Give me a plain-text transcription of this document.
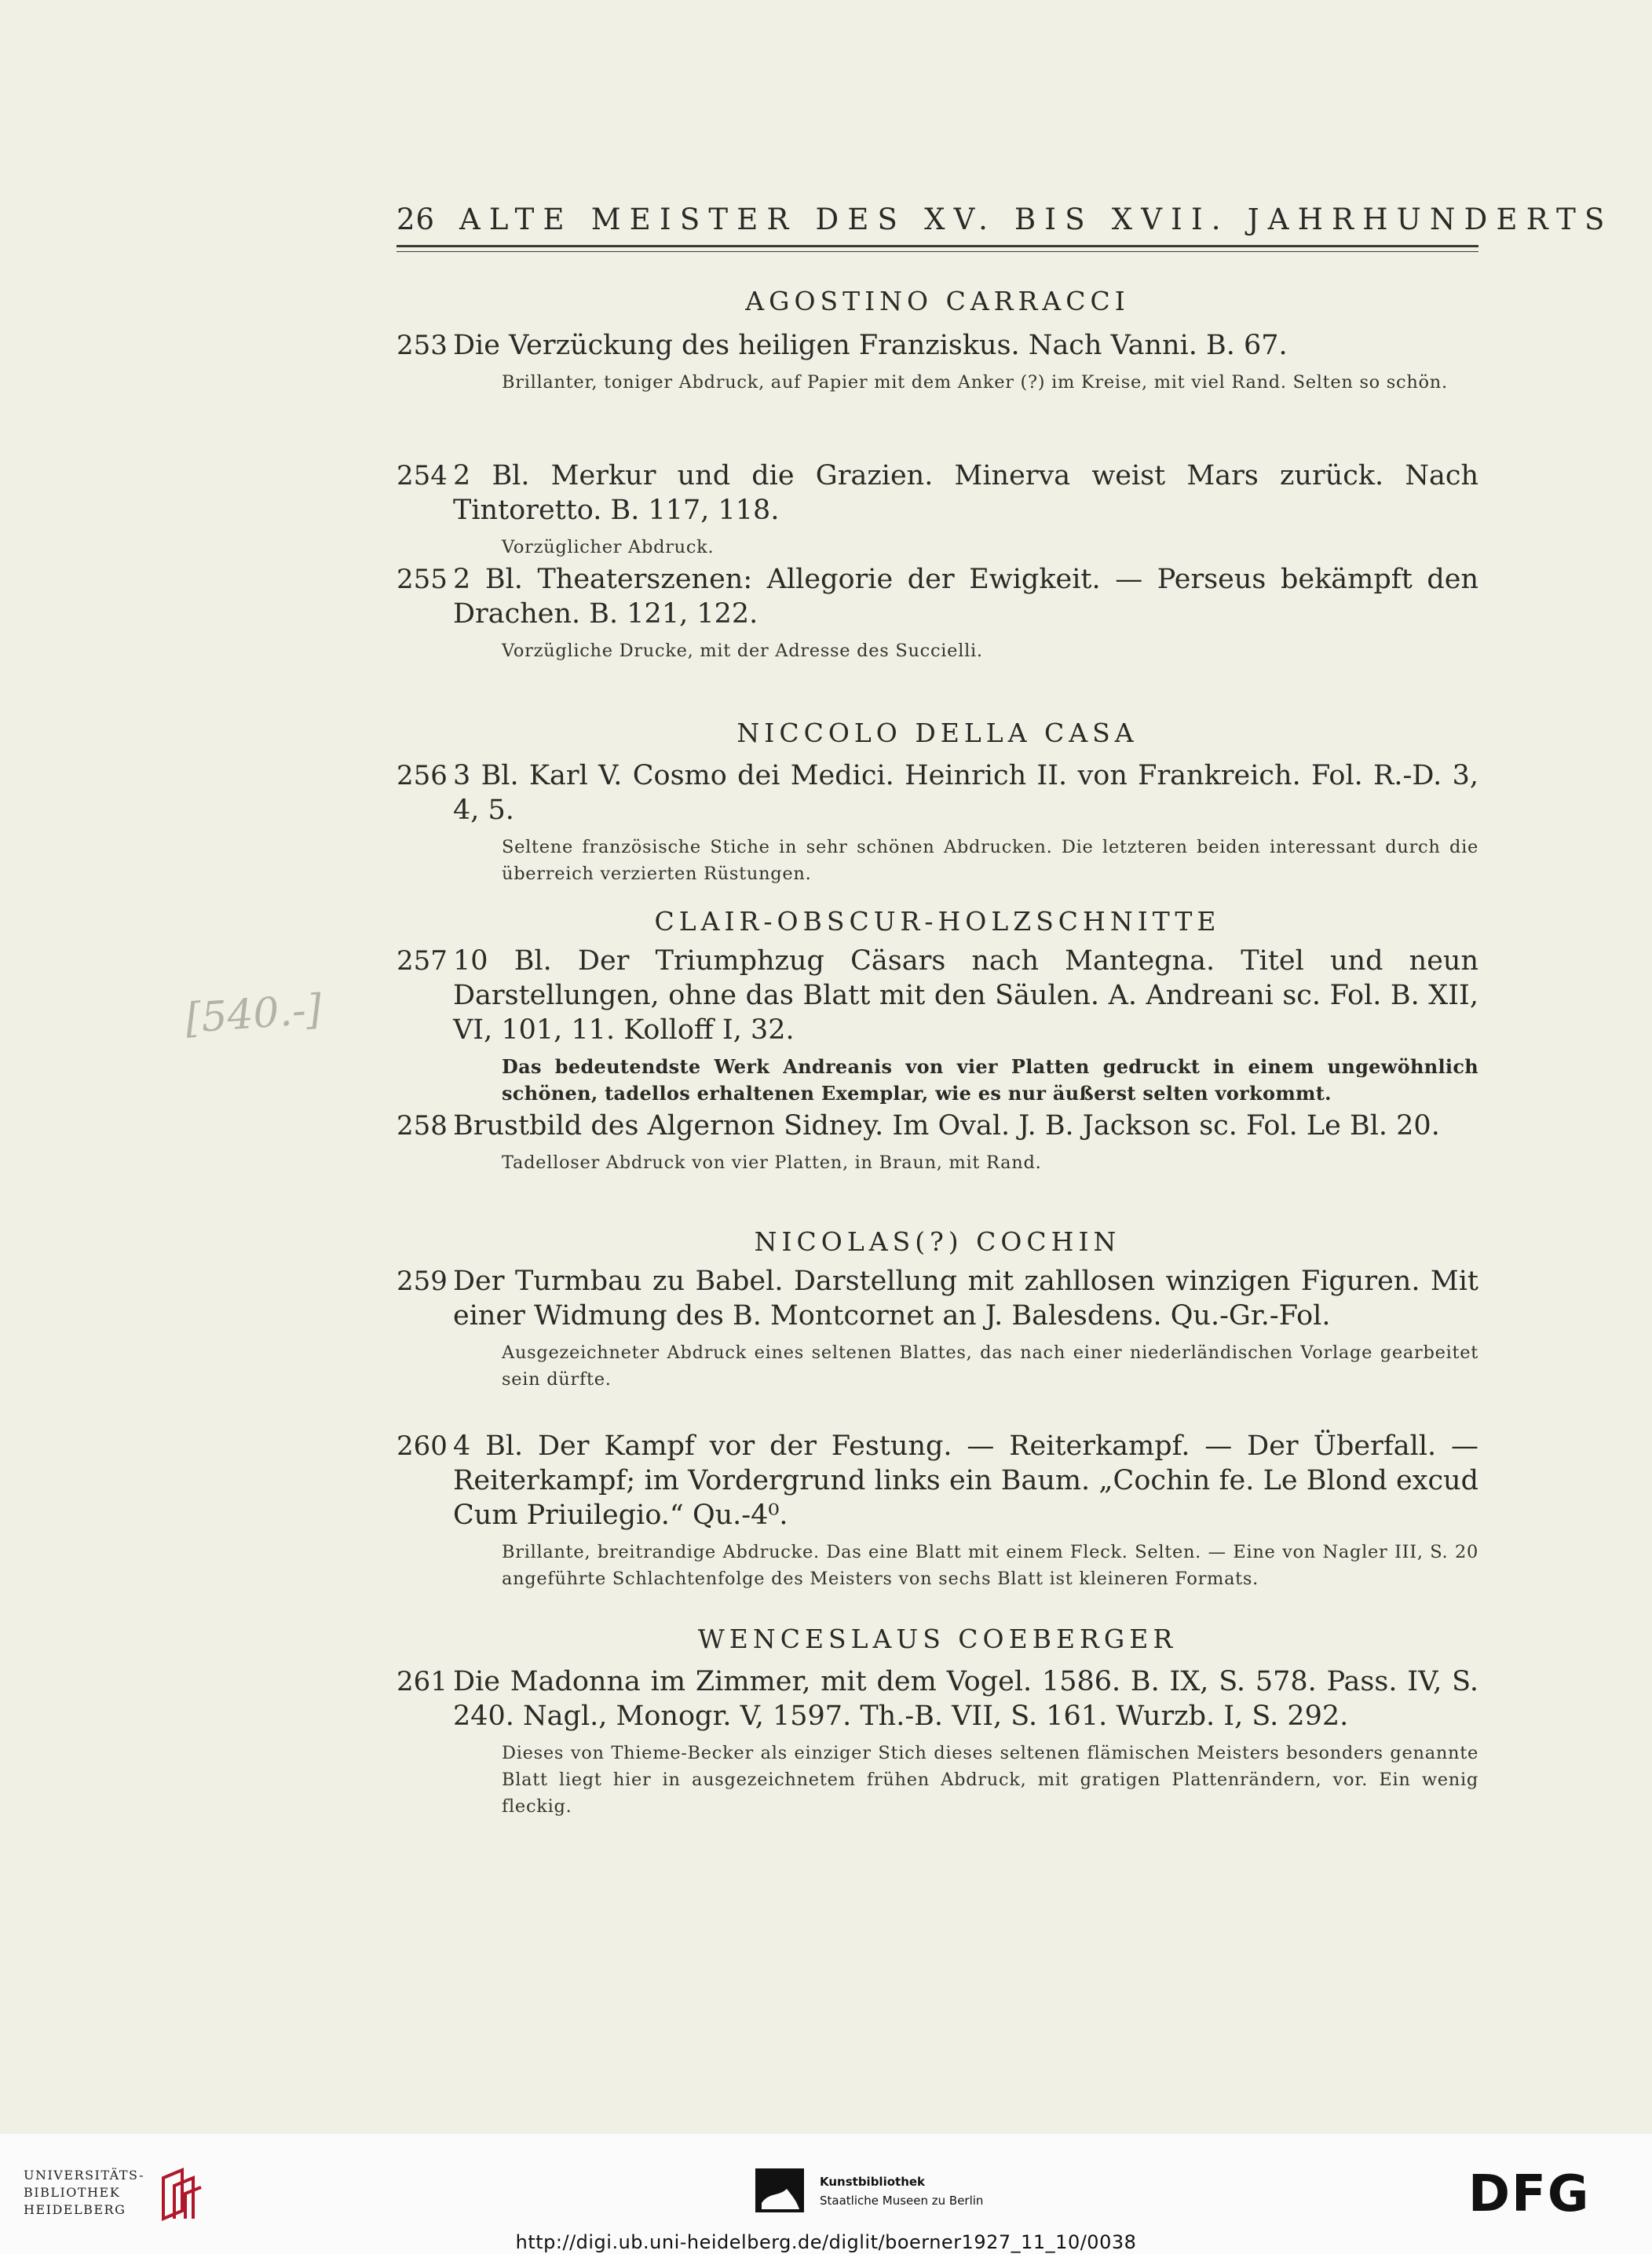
26 ALTE MEISTER DES XV. BIS XVII. JAHRHUNDERTS
AGOSTINO CARRACCI
253 Die Verzückung des heiligen Franziskus. Nach Vanni. B. 67.
Brillanter, toniger Abdruck, auf Papier mit dem Anker (?) im Kreise, mit viel Rand. Selten so schön.
254 2 Bl. Merkur und die Grazien. Minerva weist Mars zurück. Nach Tintoretto. B. 117, 118.
Vorzüglicher Abdruck.
255 2 Bl. Theaterszenen: Allegorie der Ewigkeit. — Perseus bekämpft den Drachen. B. 121, 122.
Vorzügliche Drucke, mit der Adresse des Succielli.
NICCOLO DELLA CASA
256 3 Bl. Karl V. Cosmo dei Medici. Heinrich II. von Frankreich. Fol. R.-D. 3, 4, 5.
Seltene französische Stiche in sehr schönen Abdrucken. Die letzteren beiden interessant durch die überreich verzierten Rüstungen.
CLAIR-OBSCUR-HOLZSCHNITTE
257 10 Bl. Der Triumphzug Cäsars nach Mantegna. Titel und neun Darstellungen, ohne das Blatt mit den Säulen. A. Andreani sc. Fol. B. XII, VI, 101, 11. Kolloff I, 32.
Das bedeutendste Werk Andreanis von vier Platten gedruckt in einem ungewöhnlich schönen, tadellos erhaltenen Exemplar, wie es nur äußerst selten vorkommt.
258 Brustbild des Algernon Sidney. Im Oval. J. B. Jackson sc. Fol. Le Bl. 20.
Tadelloser Abdruck von vier Platten, in Braun, mit Rand.
NICOLAS(?) COCHIN
259 Der Turmbau zu Babel. Darstellung mit zahllosen winzigen Figuren. Mit einer Widmung des B. Montcornet an J. Balesdens. Qu.-Gr.-Fol.
Ausgezeichneter Abdruck eines seltenen Blattes, das nach einer niederländischen Vorlage gearbeitet sein dürfte.
260 4 Bl. Der Kampf vor der Festung. — Reiterkampf. — Der Überfall. — Reiterkampf; im Vordergrund links ein Baum. „Cochin fe. Le Blond excud Cum Priuilegio.“ Qu.-4⁰.
Brillante, breitrandige Abdrucke. Das eine Blatt mit einem Fleck. Selten. — Eine von Nagler III, S. 20 angeführte Schlachtenfolge des Meisters von sechs Blatt ist kleineren Formats.
WENCESLAUS COEBERGER
261 Die Madonna im Zimmer, mit dem Vogel. 1586. B. IX, S. 578. Pass. IV, S. 240. Nagl., Monogr. V, 1597. Th.-B. VII, S. 161. Wurzb. I, S. 292.
Dieses von Thieme-Becker als einziger Stich dieses seltenen flämischen Meisters besonders genannte Blatt liegt hier in ausgezeichnetem frühen Abdruck, mit gratigen Plattenrändern, vor. Ein wenig fleckig.
[540.-]
UNIVERSITÄTS-
BIBLIOTHEK
HEIDELBERG
Kunstbibliothek
Staatliche Museen zu Berlin	DFG
http://digi.ub.uni-heidelberg.de/diglit/boerner1927_11_10/0038
